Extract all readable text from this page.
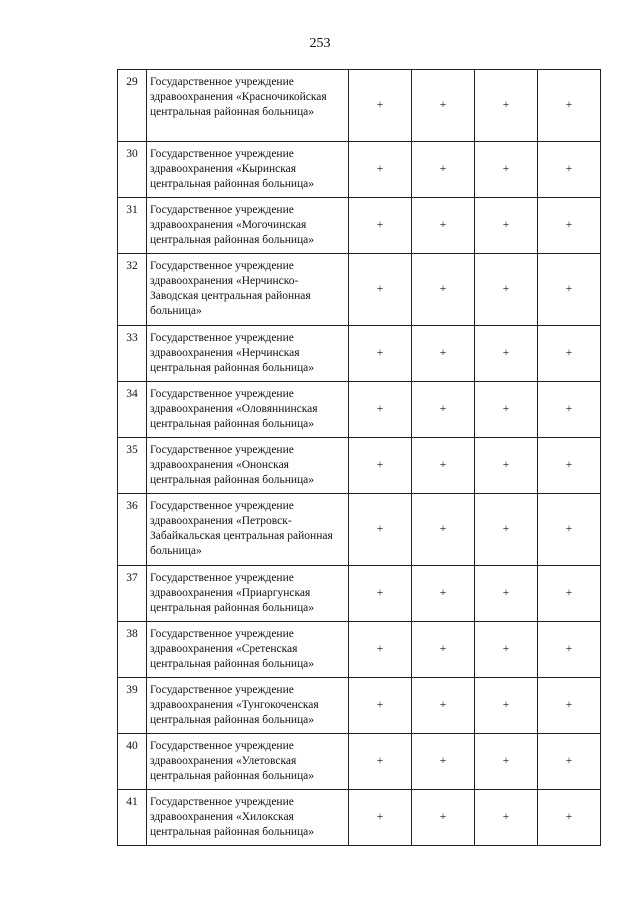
253
29	Государственное учреждение здравоохранения «Красночикойская центральная районная больница»	+	+	+	+
30	Государственное учреждение здравоохранения «Кыринская центральная районная больница»	+	+	+	+
31	Государственное учреждение здравоохранения «Могочинская центральная районная больница»	+	+	+	+
32	Государственное учреждение здравоохранения «Нерчинско-Заводская центральная районная больница»	+	+	+	+
33	Государственное учреждение здравоохранения «Нерчинская центральная районная больница»	+	+	+	+
34	Государственное учреждение здравоохранения «Оловяннинская центральная районная больница»	+	+	+	+
35	Государственное учреждение здравоохранения «Ононская центральная районная больница»	+	+	+	+
36	Государственное учреждение здравоохранения «Петровск-Забайкальская центральная районная больница»	+	+	+	+
37	Государственное учреждение здравоохранения «Приаргунская центральная районная больница»	+	+	+	+
38	Государственное учреждение здравоохранения «Сретенская центральная районная больница»	+	+	+	+
39	Государственное учреждение здравоохранения «Тунгокоченская центральная районная больница»	+	+	+	+
40	Государственное учреждение здравоохранения «Улетовская центральная районная больница»	+	+	+	+
41	Государственное учреждение здравоохранения «Хилокская центральная районная больница»	+	+	+	+
